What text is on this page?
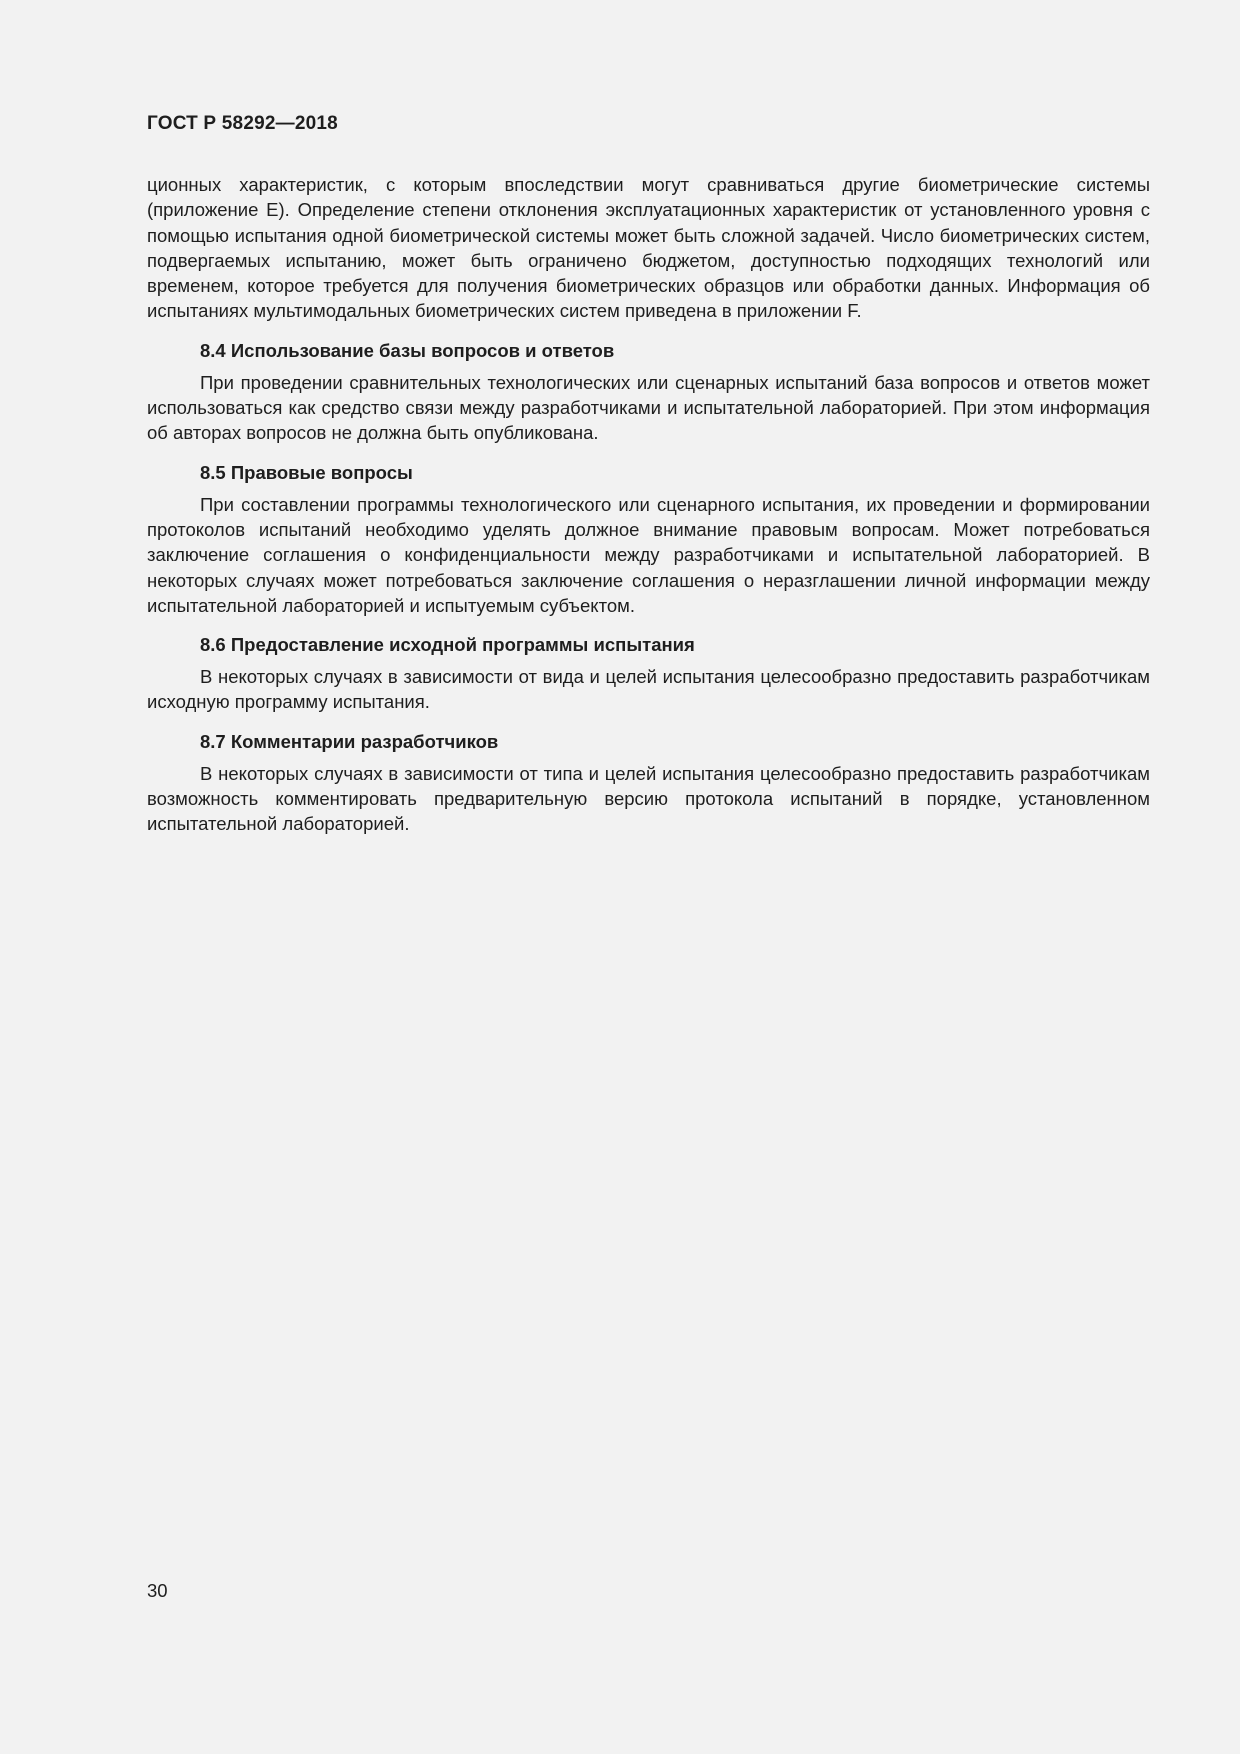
ГОСТ Р 58292—2018

ционных характеристик, с которым впоследствии могут сравниваться другие биометрические системы (приложение Е). Определение степени отклонения эксплуатационных характеристик от установленного уровня с помощью испытания одной биометрической системы может быть сложной задачей. Число биометрических систем, подвергаемых испытанию, может быть ограничено бюджетом, доступностью подходящих технологий или временем, которое требуется для получения биометрических образцов или обработки данных. Информация об испытаниях мультимодальных биометрических систем приведена в приложении F.

8.4 Использование базы вопросов и ответов

При проведении сравнительных технологических или сценарных испытаний база вопросов и ответов может использоваться как средство связи между разработчиками и испытательной лабораторией. При этом информация об авторах вопросов не должна быть опубликована.

8.5 Правовые вопросы

При составлении программы технологического или сценарного испытания, их проведении и формировании протоколов испытаний необходимо уделять должное внимание правовым вопросам. Может потребоваться заключение соглашения о конфиденциальности между разработчиками и испытательной лабораторией. В некоторых случаях может потребоваться заключение соглашения о неразглашении личной информации между испытательной лабораторией и испытуемым субъектом.

8.6 Предоставление исходной программы испытания

В некоторых случаях в зависимости от вида и целей испытания целесообразно предоставить разработчикам исходную программу испытания.

8.7 Комментарии разработчиков

В некоторых случаях в зависимости от типа и целей испытания целесообразно предоставить разработчикам возможность комментировать предварительную версию протокола испытаний в порядке, установленном испытательной лабораторией.

30
